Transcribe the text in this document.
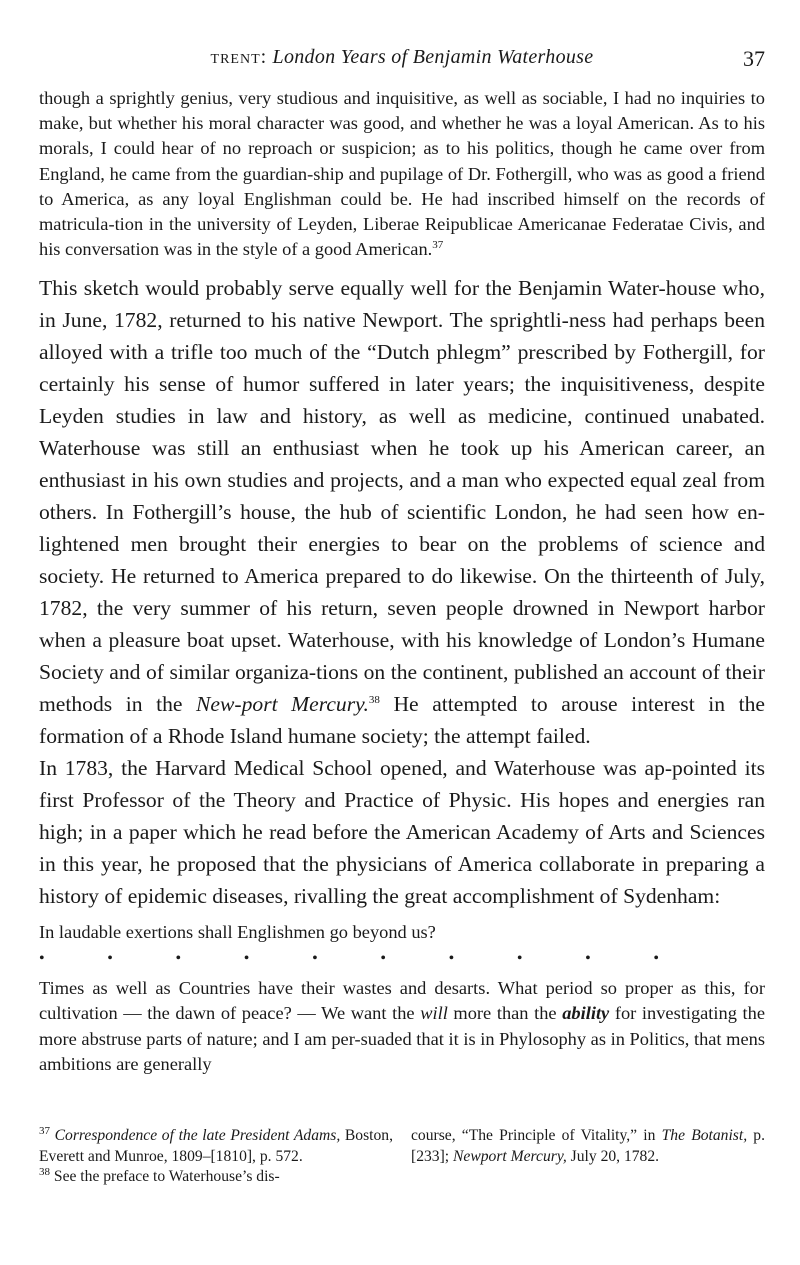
trent: London Years of Benjamin Waterhouse	37

though a sprightly genius, very studious and inquisitive, as well as sociable, I had no inquiries to make, but whether his moral character was good, and whether he was a loyal American. As to his morals, I could hear of no reproach or suspicion; as to his politics, though he came over from England, he came from the guardian-ship and pupilage of Dr. Fothergill, who was as good a friend to America, as any loyal Englishman could be. He had inscribed himself on the records of matricula-tion in the university of Leyden, Liberae Reipublicae Americanae Federatae Civis, and his conversation was in the style of a good American.$^{37}$

This sketch would probably serve equally well for the Benjamin Water-house who, in June, 1782, returned to his native Newport. The sprightli-ness had perhaps been alloyed with a trifle too much of the “Dutch phlegm” prescribed by Fothergill, for certainly his sense of humor suffered in later years; the inquisitiveness, despite Leyden studies in law and history, as well as medicine, continued unabated. Waterhouse was still an enthusiast when he took up his American career, an enthusiast in his own studies and projects, and a man who expected equal zeal from others. In Fothergill’s house, the hub of scientific London, he had seen how en-lightened men brought their energies to bear on the problems of science and society. He returned to America prepared to do likewise. On the thirteenth of July, 1782, the very summer of his return, seven people drowned in Newport harbor when a pleasure boat upset. Waterhouse, with his knowledge of London’s Humane Society and of similar organiza-tions on the continent, published an account of their methods in the New-port Mercury.$^{38}$ He attempted to arouse interest in the formation of a Rhode Island humane society; the attempt failed.

In 1783, the Harvard Medical School opened, and Waterhouse was ap-pointed its first Professor of the Theory and Practice of Physic. His hopes and energies ran high; in a paper which he read before the American Academy of Arts and Sciences in this year, he proposed that the physicians of America collaborate in preparing a history of epidemic diseases, rivalling the great accomplishment of Sydenham:

In laudable exertions shall Englishmen go beyond us?

•	•	•	•	•	•	•	•	•	•

Times as well as Countries have their wastes and desarts. What period so proper as this, for cultivation — the dawn of peace? — We want the will more than the ability for investigating the more abstruse parts of nature; and I am per-suaded that it is in Phylosophy as in Politics, that mens ambitions are generally

$^{37}$ Correspondence of the late President Adams, Boston, Everett and Munroe, 1809–[1810], p. 572.

$^{38}$ See the preface to Waterhouse’s dis-

course, “The Principle of Vitality,” in The Botanist, p. [233]; Newport Mercury, July 20, 1782.
